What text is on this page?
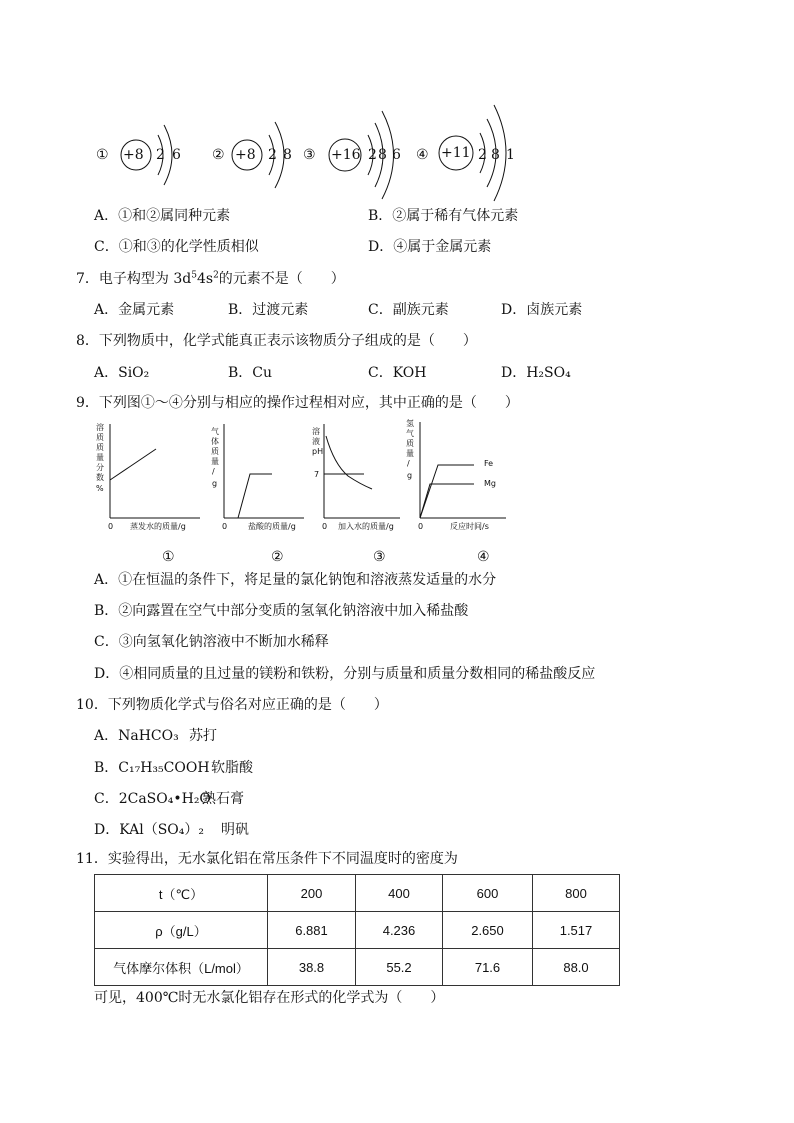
① +8 2 6 ② +8 2 8 ③ +16 2 8 6 ④ +11 2 8 1
A．①和②属同种元素	B．②属于稀有气体元素
C．①和③的化学性质相似	D．④属于金属元素
7．电子构型为 $3d^54s^2$的元素不是（　　）
A．金属元素	B．过渡元素	C．副族元素	D．卤族元素
8．下列物质中，化学式能真正表示该物质分子组成的是（　　）
A．SiO₂	B．Cu	C．KOH	D．H₂SO₄
9．下列图①～④分别与相应的操作过程相对应，其中正确的是（　　）
溶
质
质
量
分
数
%
0 蒸发水的质量/g
①
气
体
质
量
/
g
0	盐酸的质量/g
②
溶
液
pH
7
0 加入水的质量/g
③
氢
气
质
量
/
g
Fe
Mg
0	反应时间/s
④
A．①在恒温的条件下，将足量的氯化钠饱和溶液蒸发适量的水分
B．②向露置在空气中部分变质的氢氧化钠溶液中加入稀盐酸
C．③向氢氧化钠溶液中不断加水稀释
D．④相同质量的且过量的镁粉和铁粉，分别与质量和质量分数相同的稀盐酸反应
10．下列物质化学式与俗名对应正确的是（　　）
A．NaHCO₃ 苏打
B．C₁₇H₃₅COOH 软脂酸
C．2CaSO₄•H₂O
熟石膏
D．KAl（SO₄）₂ 明矾
11．实验得出，无水氯化铝在常压条件下不同温度时的密度为
t（℃）	200	400	600	800
ρ（g/L）	6.881	4.236	2.650	1.517
气体摩尔体积（L/mol）	38.8	55.2	71.6	88.0
可见，400℃时无水氯化铝存在形式的化学式为（　　）
